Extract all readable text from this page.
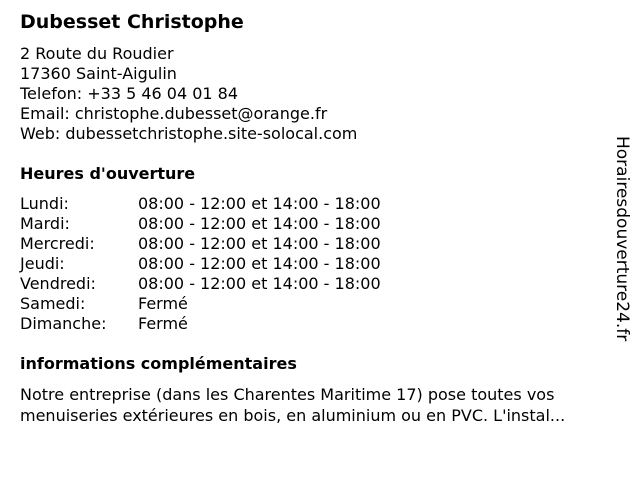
Dubesset Christophe
2 Route du Roudier
17360 Saint-Aigulin
Telefon: +33 5 46 04 01 84
Email: christophe.dubesset@orange.fr
Web: dubessetchristophe.site-solocal.com
Heures d'ouverture
Lundi:	08:00 - 12:00 et 14:00 - 18:00
Mardi:	08:00 - 12:00 et 14:00 - 18:00
Mercredi:	08:00 - 12:00 et 14:00 - 18:00
Jeudi:	08:00 - 12:00 et 14:00 - 18:00
Vendredi:	08:00 - 12:00 et 14:00 - 18:00
Samedi:	Fermé
Dimanche:	Fermé
informations complémentaires
Notre entreprise (dans les Charentes Maritime 17) pose toutes vos menuiseries extérieures en bois, en aluminium ou en PVC. L'instal...
Horairesdouverture24.fr
